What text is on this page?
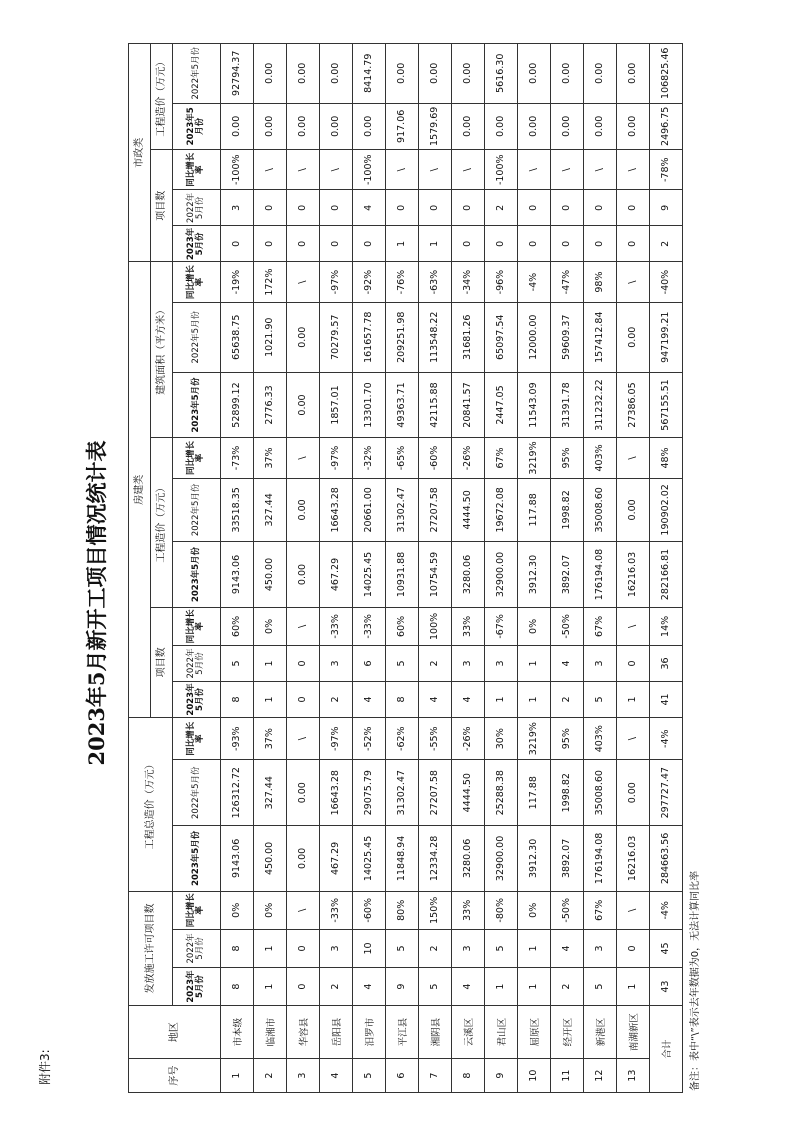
附件3:
2023年5月新开工项目情况统计表
序号	地区	发放施工许可项目数			工程总造价（万元）			房建类									市政类					
								项目数			工程造价（万元）			建筑面积（平方米）			项目数			工程造价（万元）		
		2023年5月份	2022年5月份	同比增长率	2023年5月份	2022年5月份	同比增长率	2023年5月份	2022年5月份	同比增长率	2023年5月份	2022年5月份	同比增长率	2023年5月份	2022年5月份	同比增长率	2023年5月份	2022年5月份	同比增长率	2023年5月份	2022年5月份	
1	市本级	8	8	0%	9143.06	126312.72	-93%	8	5	60%	9143.06	33518.35	-73%	52899.12	65638.75	-19%	0	3	-100%	0.00	92794.37	
2	临湘市	1	1	0%	450.00	327.44	37%	1	1	0%	450.00	327.44	37%	2776.33	1021.90	172%	0	0	\	0.00	0.00	
3	华容县	0	0	\	0.00	0.00	\	0	0	\	0.00	0.00	\	0.00	0.00	\	0	0	\	0.00	0.00	
4	岳阳县	2	3	-33%	467.29	16643.28	-97%	2	3	-33%	467.29	16643.28	-97%	1857.01	70279.57	-97%	0	0	\	0.00	0.00	
5	汨罗市	4	10	-60%	14025.45	29075.79	-52%	4	6	-33%	14025.45	20661.00	-32%	13301.70	161657.78	-92%	0	4	-100%	0.00	8414.79	
6	平江县	9	5	80%	11848.94	31302.47	-62%	8	5	60%	10931.88	31302.47	-65%	49363.71	209251.98	-76%	1	0	\	917.06	0.00	
7	湘阴县	5	2	150%	12334.28	27207.58	-55%	4	2	100%	10754.59	27207.58	-60%	42115.88	113548.22	-63%	1	0	\	1579.69	0.00	
8	云溪区	4	3	33%	3280.06	4444.50	-26%	4	3	33%	3280.06	4444.50	-26%	20841.57	31681.26	-34%	0	0	\	0.00	0.00	
9	君山区	1	5	-80%	32900.00	25288.38	30%	1	3	-67%	32900.00	19672.08	67%	2447.05	65097.54	-96%	0	2	-100%	0.00	5616.30	
10	屈原区	1	1	0%	3912.30	117.88	3219%	1	1	0%	3912.30	117.88	3219%	11543.09	12000.00	-4%	0	0	\	0.00	0.00	
11	经开区	2	4	-50%	3892.07	1998.82	95%	2	4	-50%	3892.07	1998.82	95%	31391.78	59609.37	-47%	0	0	\	0.00	0.00	
12	新港区	5	3	67%	176194.08	35008.60	403%	5	3	67%	176194.08	35008.60	403%	311232.22	157412.84	98%	0	0	\	0.00	0.00	
13	南湖新区	1	0	\	16216.03	0.00	\	1	0	\	16216.03	0.00	\	27386.05	0.00	\	0	0	\	0.00	0.00	
合计		43	45	-4%	284663.56	297727.47	-4%	41	36	14%	282166.81	190902.02	48%	567155.51	947199.21	-40%	2	9	-78%	2496.75	106825.46	
备注：表中“\”表示去年数据为0，无法计算同比率
